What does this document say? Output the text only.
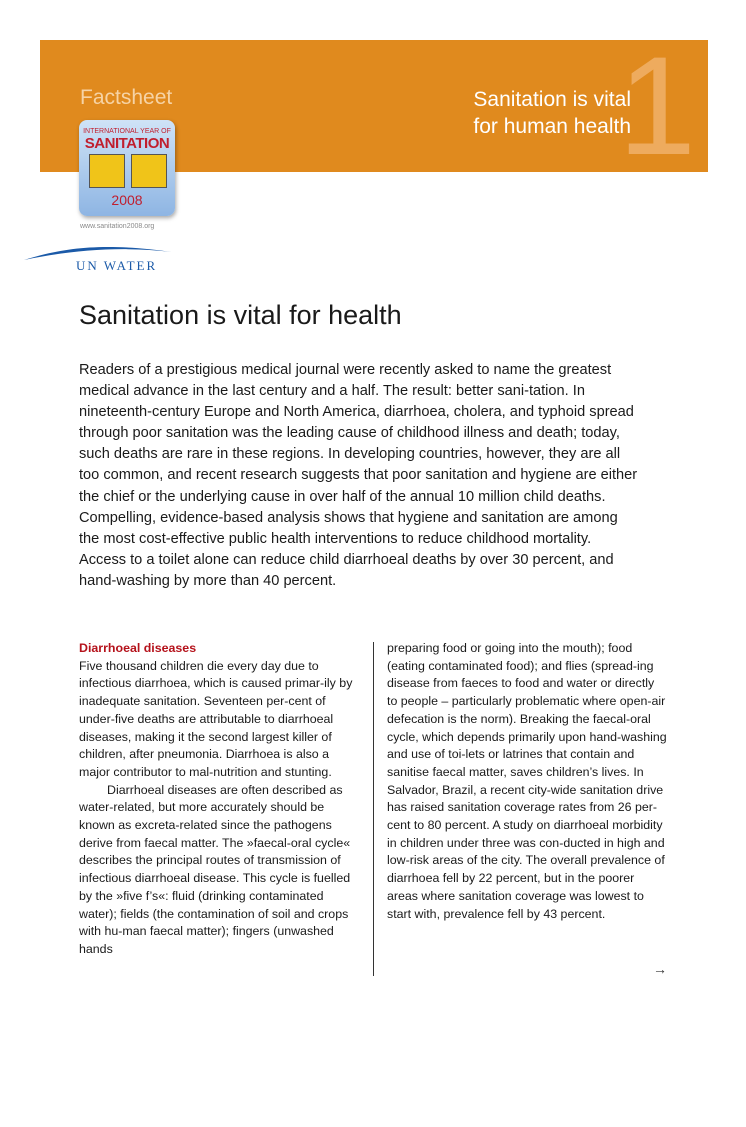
Factsheet	1
Sanitation is vital
for human health
INTERNATIONAL YEAR OF
SANITATION
2008
www.sanitation2008.org
UN WATER
Sanitation is vital for health

Readers of a prestigious medical journal were recently asked to name the greatest medical advance in the last century and a half. The result: better sani-tation. In nineteenth-century Europe and North America, diarrhoea, cholera, and typhoid spread through poor sanitation was the leading cause of childhood illness and death; today, such deaths are rare in these regions. In developing countries, however, they are all too common, and recent research suggests that poor sanitation and hygiene are either the chief or the underlying cause in over half of the annual 10 million child deaths. Compelling, evidence-based analysis shows that hygiene and sanitation are among the most cost-effective public health interventions to reduce childhood mortality. Access to a toilet alone can reduce child diarrhoeal deaths by over 30 percent, and hand-washing by more than 40 percent.

Diarrhoeal diseases

Five thousand children die every day due to infectious diarrhoea, which is caused primar-ily by inadequate sanitation. Seventeen per-cent of under-five deaths are attributable to diarrhoeal diseases, making it the second largest killer of children, after pneumonia. Diarrhoea is also a major contributor to mal-nutrition and stunting.

Diarrhoeal diseases are often described as water-related, but more accurately should be known as excreta-related since the pathogens derive from faecal matter. The »faecal-oral cycle« describes the principal routes of transmission of infectious diarrhoeal disease. This cycle is fuelled by the »five f’s«: fluid (drinking contaminated water); fields (the contamination of soil and crops with hu-man faecal matter); fingers (unwashed hands

preparing food or going into the mouth); food (eating contaminated food); and flies (spread-ing disease from faeces to food and water or directly to people – particularly problematic where open-air defecation is the norm). Breaking the faecal-oral cycle, which depends primarily upon hand-washing and use of toi-lets or latrines that contain and sanitise faecal matter, saves children’s lives. In Salvador, Brazil, a recent city-wide sanitation drive has raised sanitation coverage rates from 26 per-cent to 80 percent. A study on diarrhoeal morbidity in children under three was con-ducted in high and low-risk areas of the city. The overall prevalence of diarrhoea fell by 22 percent, but in the poorer areas where sanitation coverage was lowest to start with, prevalence fell by 43 percent.

→
